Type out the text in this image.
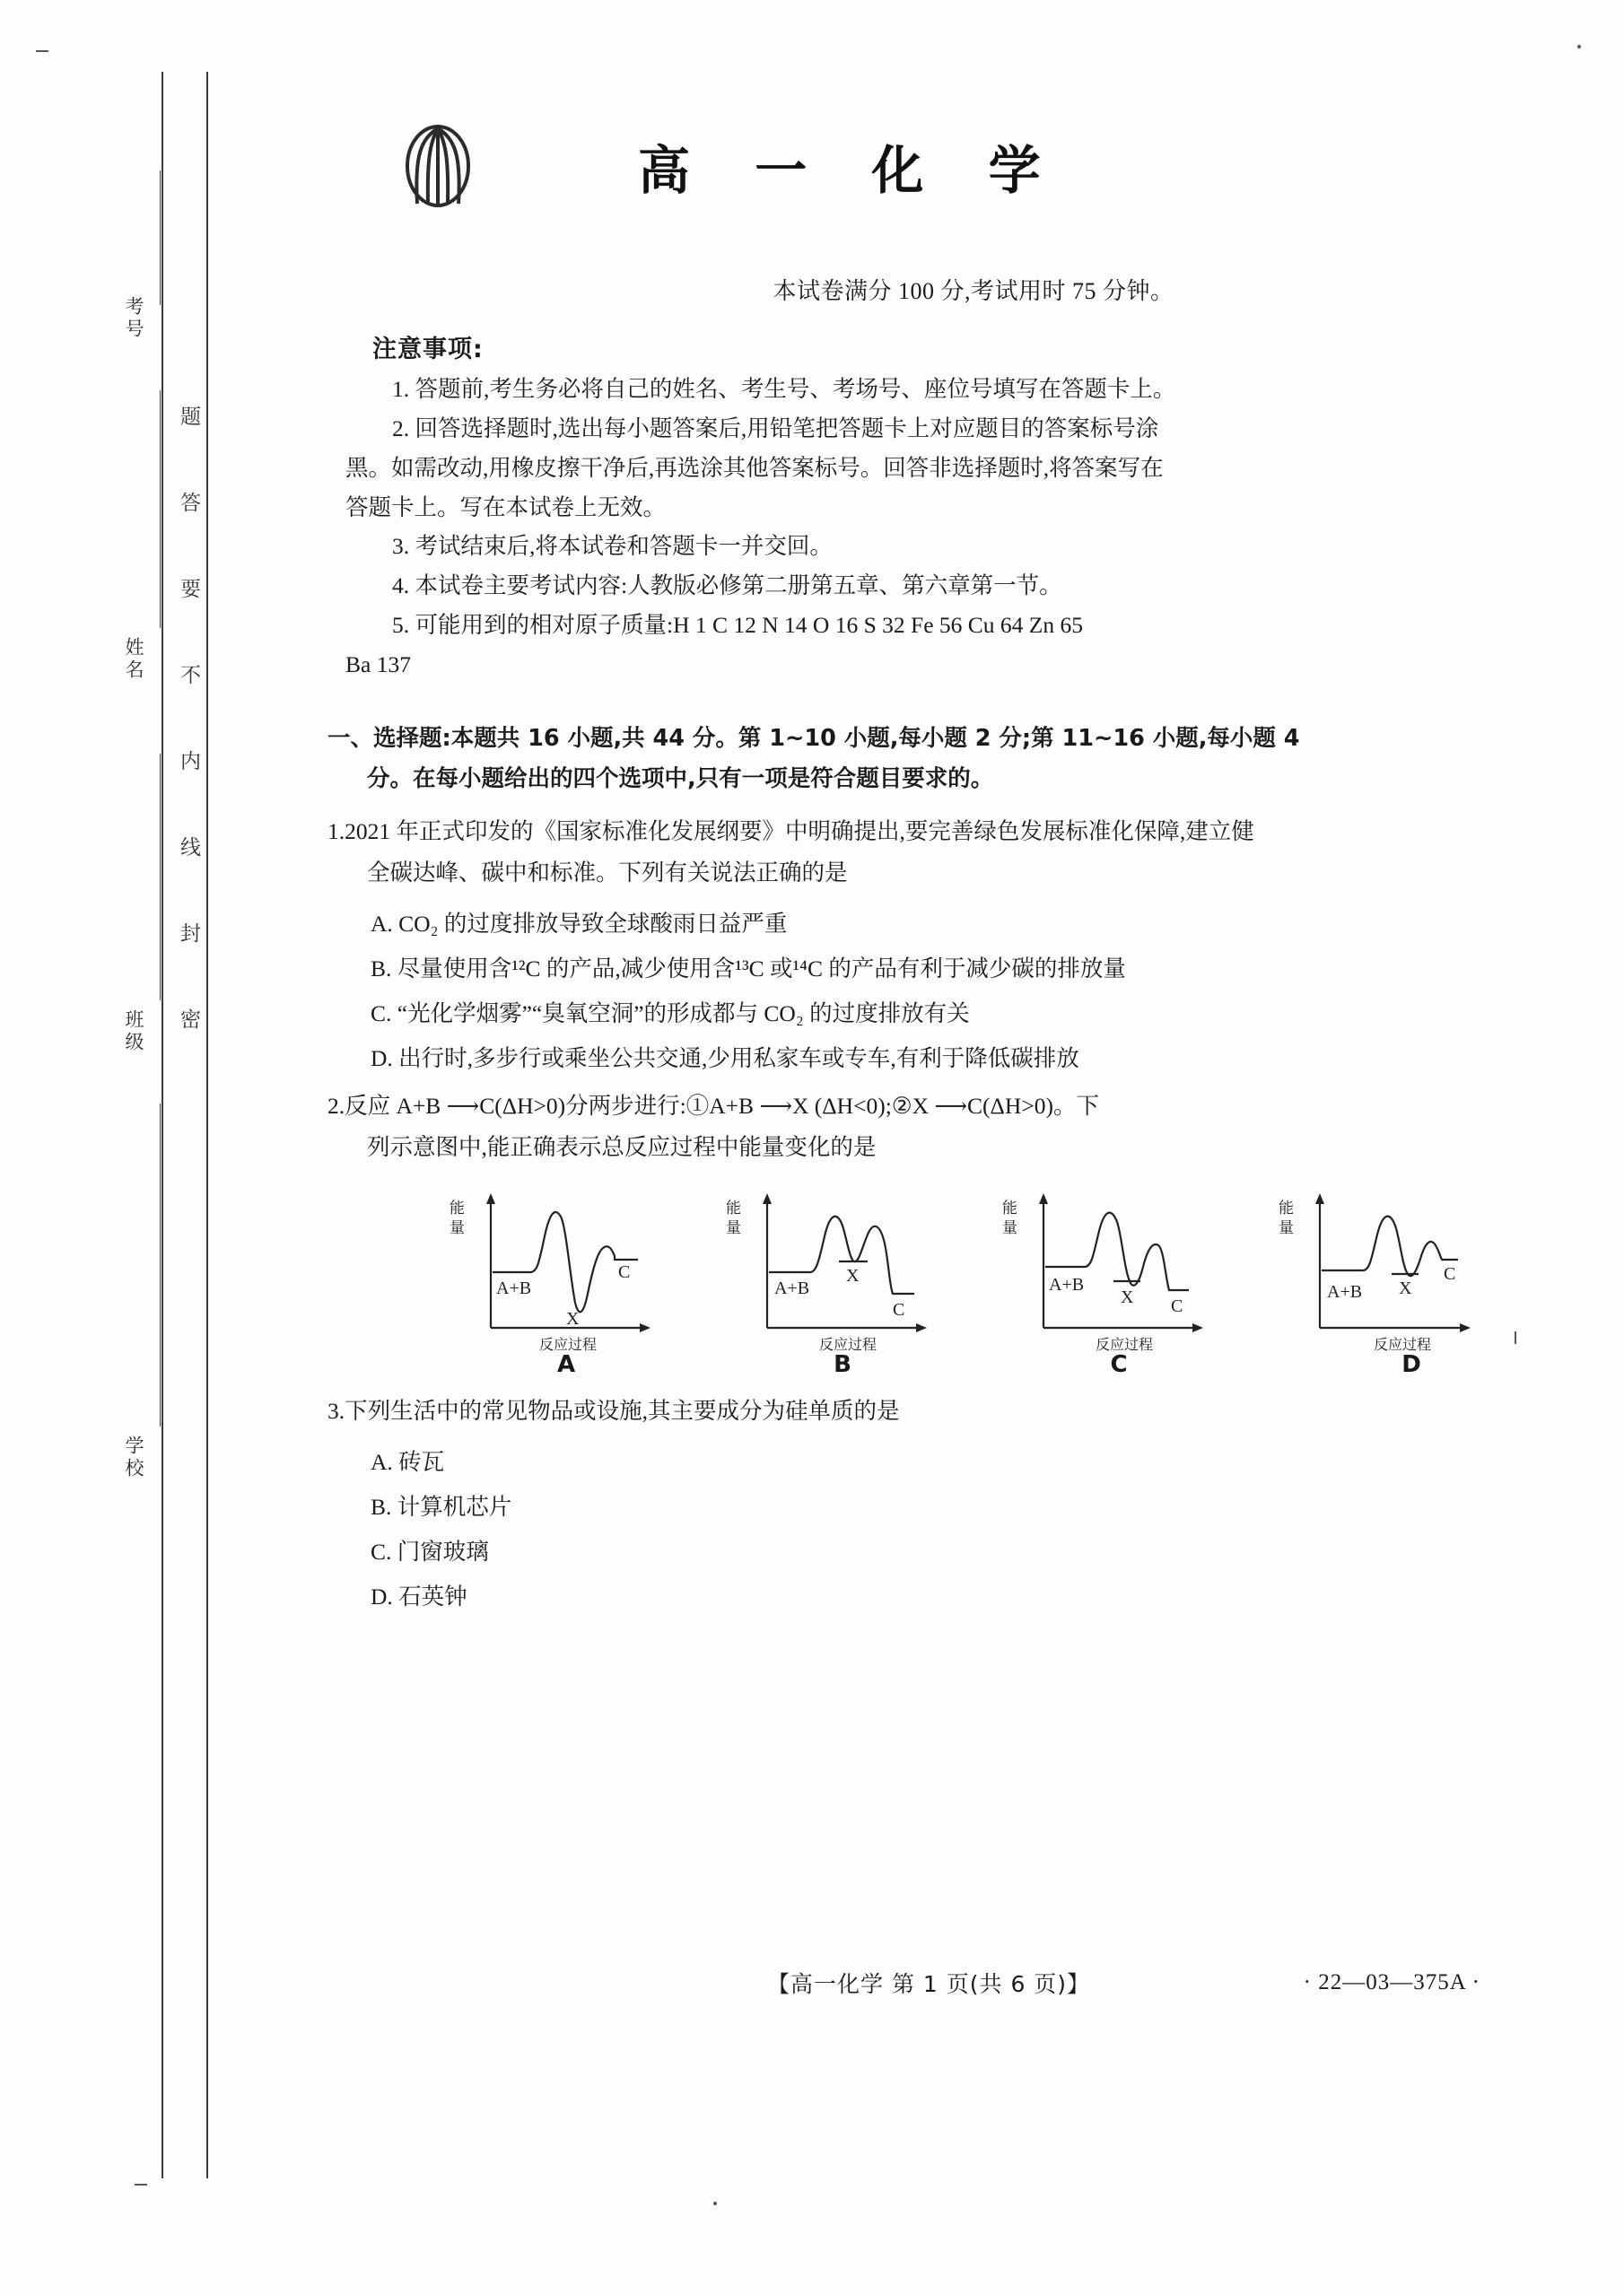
考号
姓名
班级
学校
题
答
要
不
内
线
封
密
高 一 化 学
本试卷满分 100 分,考试用时 75 分钟。
注意事项:

1. 答题前,考生务必将自己的姓名、考生号、考场号、座位号填写在答题卡上。

2. 回答选择题时,选出每小题答案后,用铅笔把答题卡上对应题目的答案标号涂

黑。如需改动,用橡皮擦干净后,再选涂其他答案标号。回答非选择题时,将答案写在

答题卡上。写在本试卷上无效。

3. 考试结束后,将本试卷和答题卡一并交回。

4. 本试卷主要考试内容:人教版必修第二册第五章、第六章第一节。

5. 可能用到的相对原子质量:H 1 C 12 N 14 O 16 S 32 Fe 56 Cu 64 Zn 65

Ba 137

一、选择题:本题共 16 小题,共 44 分。第 1~10 小题,每小题 2 分;第 11~16 小题,每小题 4
分。在每小题给出的四个选项中,只有一项是符合题目要求的。
1.2021 年正式印发的《国家标准化发展纲要》中明确提出,要完善绿色发展标准化保障,建立健
全碳达峰、碳中和标准。下列有关说法正确的是
A. CO₂ 的过度排放导致全球酸雨日益严重
B. 尽量使用含¹²C 的产品,减少使用含¹³C 或¹⁴C 的产品有利于减少碳的排放量
C. “光化学烟雾”“臭氧空洞”的形成都与 CO₂ 的过度排放有关
D. 出行时,多步行或乘坐公共交通,少用私家车或专车,有利于降低碳排放
2.反应 A+B ⟶C(ΔH>0)分两步进行:①A+B ⟶X (ΔH<0);②X ⟶C(ΔH>0)。下
列示意图中,能正确表示总反应过程中能量变化的是
能
量
A+B
X
C
反应过程
A
能
量
A+B
X
C
反应过程
B
能
量
A+B
X C
反应过程
C
能
量
A+B X
C
反应过程
D
3.下列生活中的常见物品或设施,其主要成分为硅单质的是
A. 砖瓦
B. 计算机芯片
C. 门窗玻璃
D. 石英钟
【高一化学 第 1 页(共 6 页)】	· 22—03—375A ·
